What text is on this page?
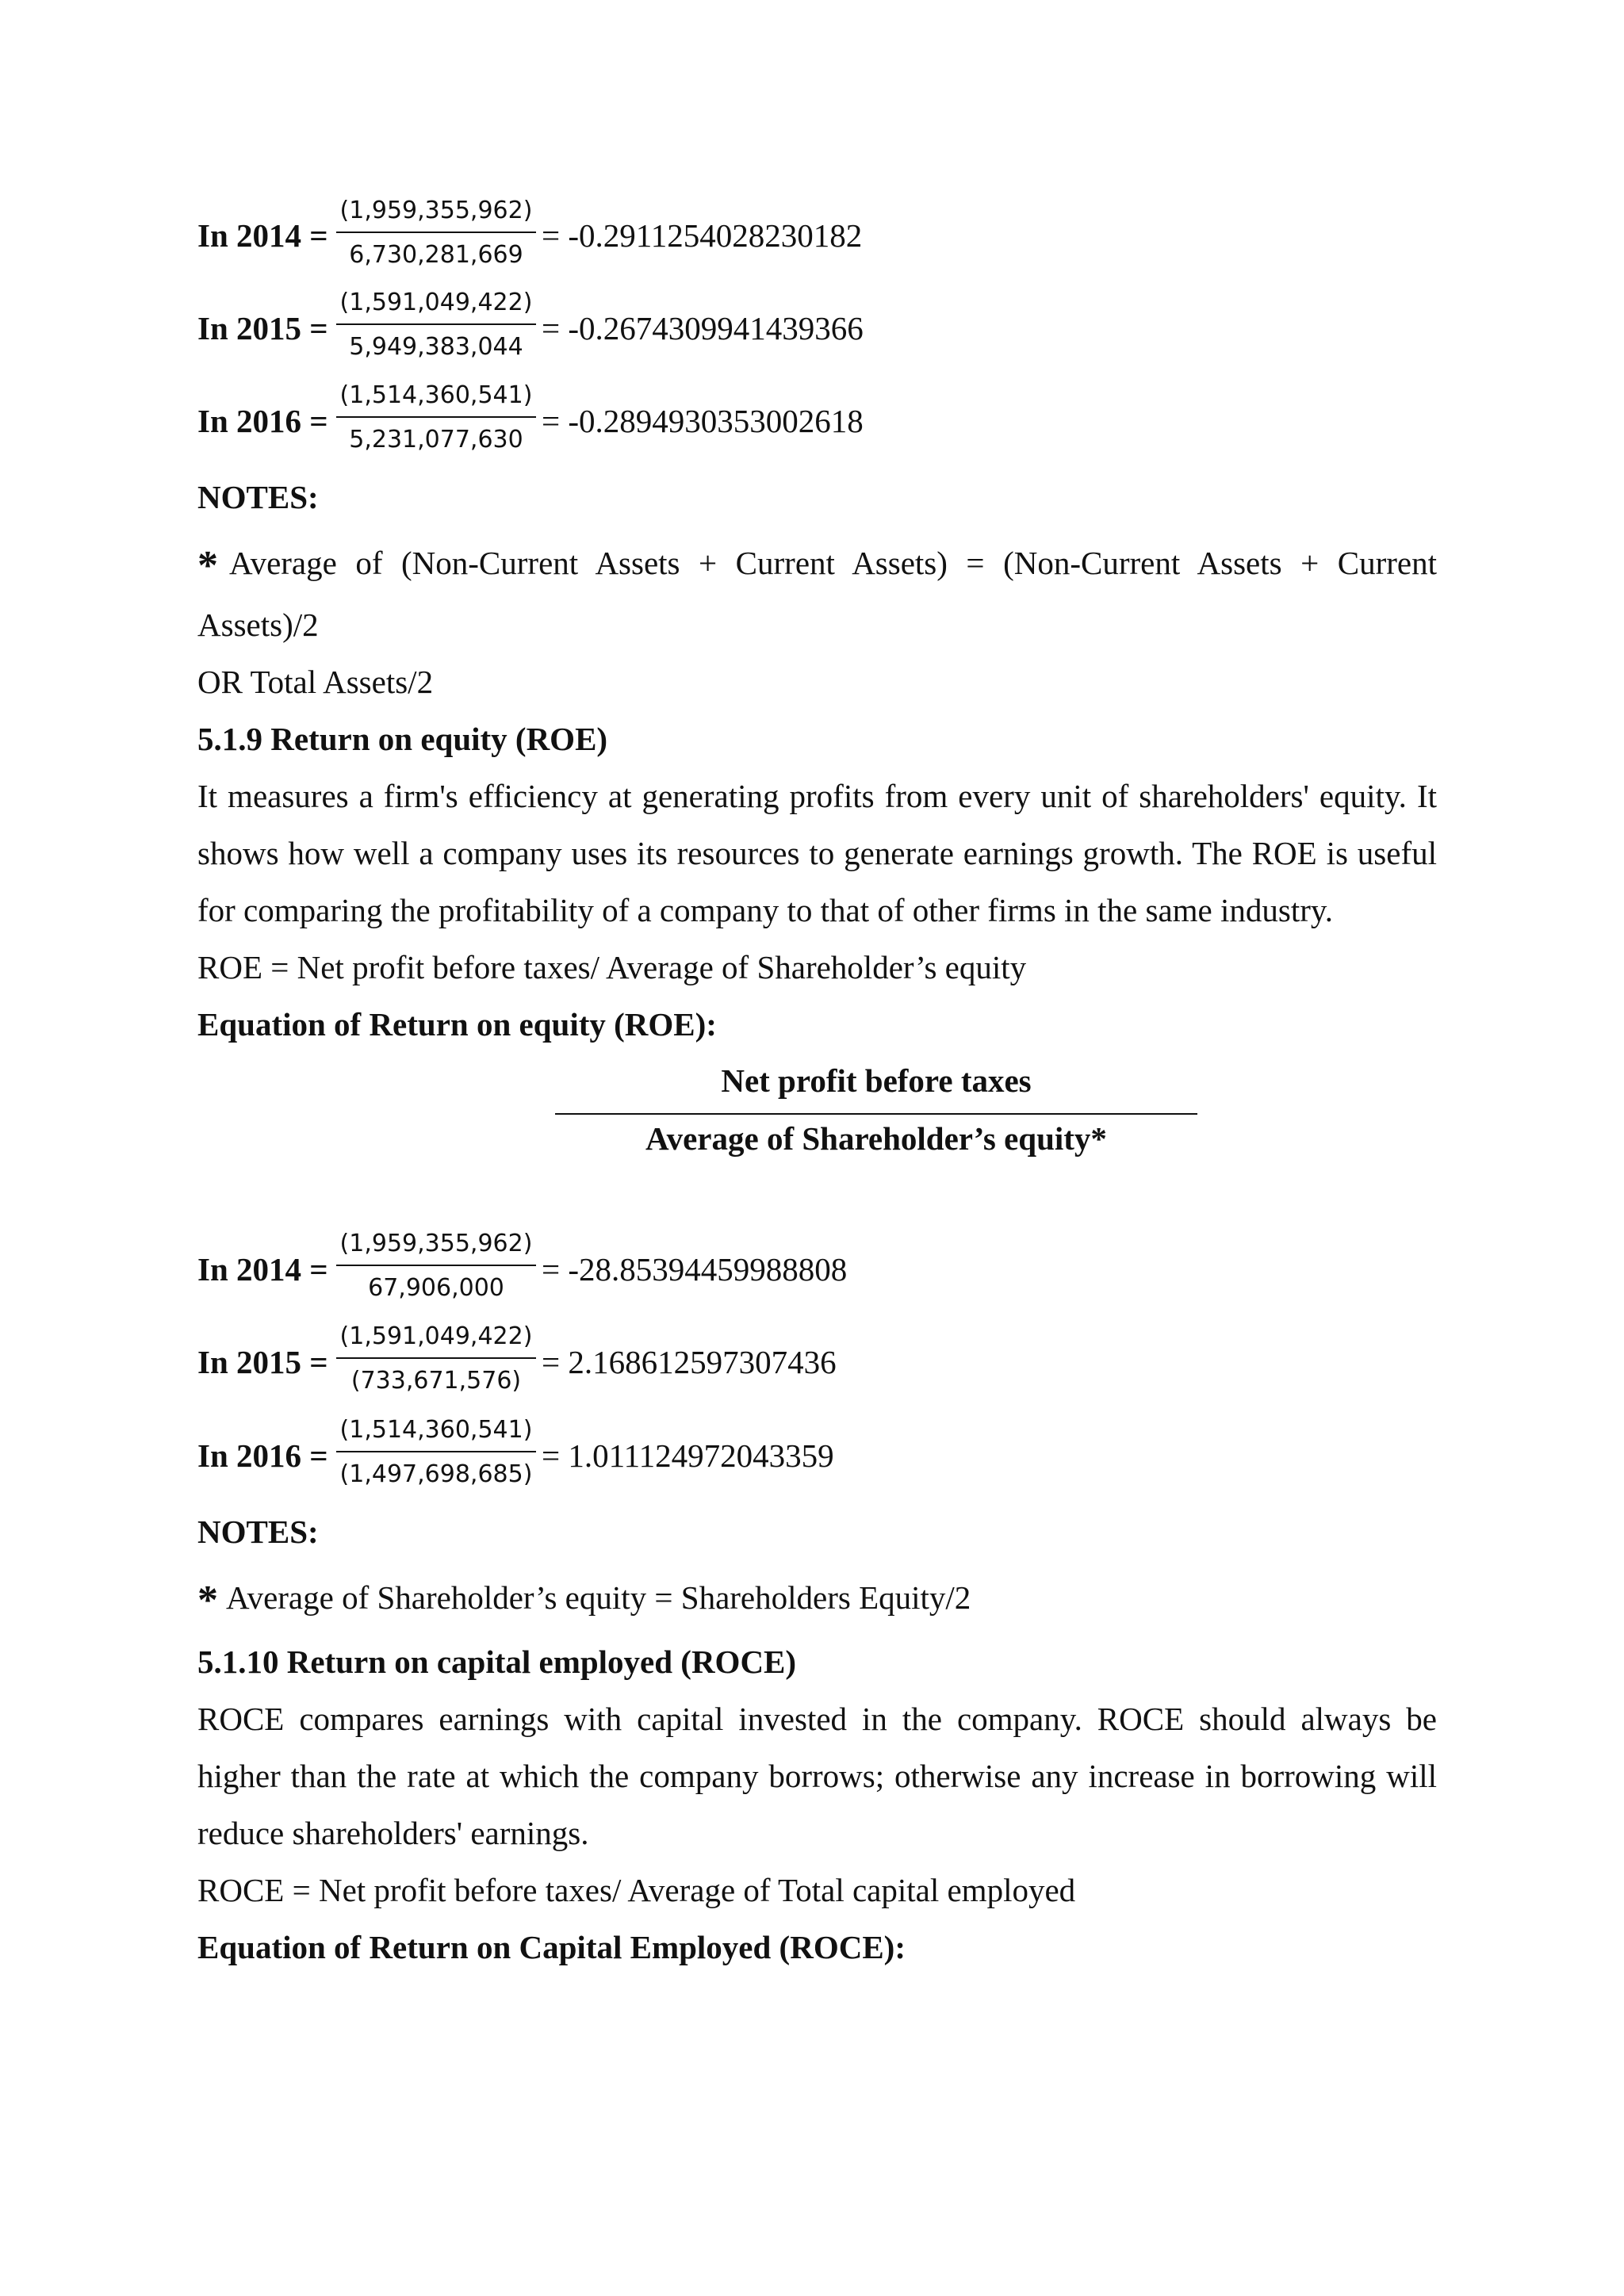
In 2014 =
(1,959,355,962)
6,730,281,669
= -0.2911254028230182
In 2015 =
(1,591,049,422)
5,949,383,044
= -0.2674309941439366
In 2016 =
(1,514,360,541)
5,231,077,630
= -0.2894930353002618
NOTES:
* Average of (Non-Current Assets + Current Assets) = (Non-Current Assets + Current
Assets)/2
OR Total Assets/2
5.1.9 Return on equity (ROE)
It measures a firm's efficiency at generating profits from every unit of shareholders' equity. It
shows how well a company uses its resources to generate earnings growth. The ROE is useful
for comparing the profitability of a company to that of other firms in the same industry.
ROE = Net profit before taxes/ Average of Shareholder’s equity
Equation of Return on equity (ROE):
Net profit before taxes
Average of Shareholder’s equity*
In 2014 =
(1,959,355,962)
67,906,000
= -28.85394459988808
In 2015 =
(1,591,049,422)
(733,671,576)
= 2.168612597307436
In 2016 =
(1,514,360,541)
(1,497,698,685)
= 1.011124972043359
NOTES:
* Average of Shareholder’s equity = Shareholders Equity/2
5.1.10 Return on capital employed (ROCE)
ROCE compares earnings with capital invested in the company. ROCE should always be
higher than the rate at which the company borrows; otherwise any increase in borrowing will
reduce shareholders' earnings.
ROCE = Net profit before taxes/ Average of Total capital employed
Equation of Return on Capital Employed (ROCE):
